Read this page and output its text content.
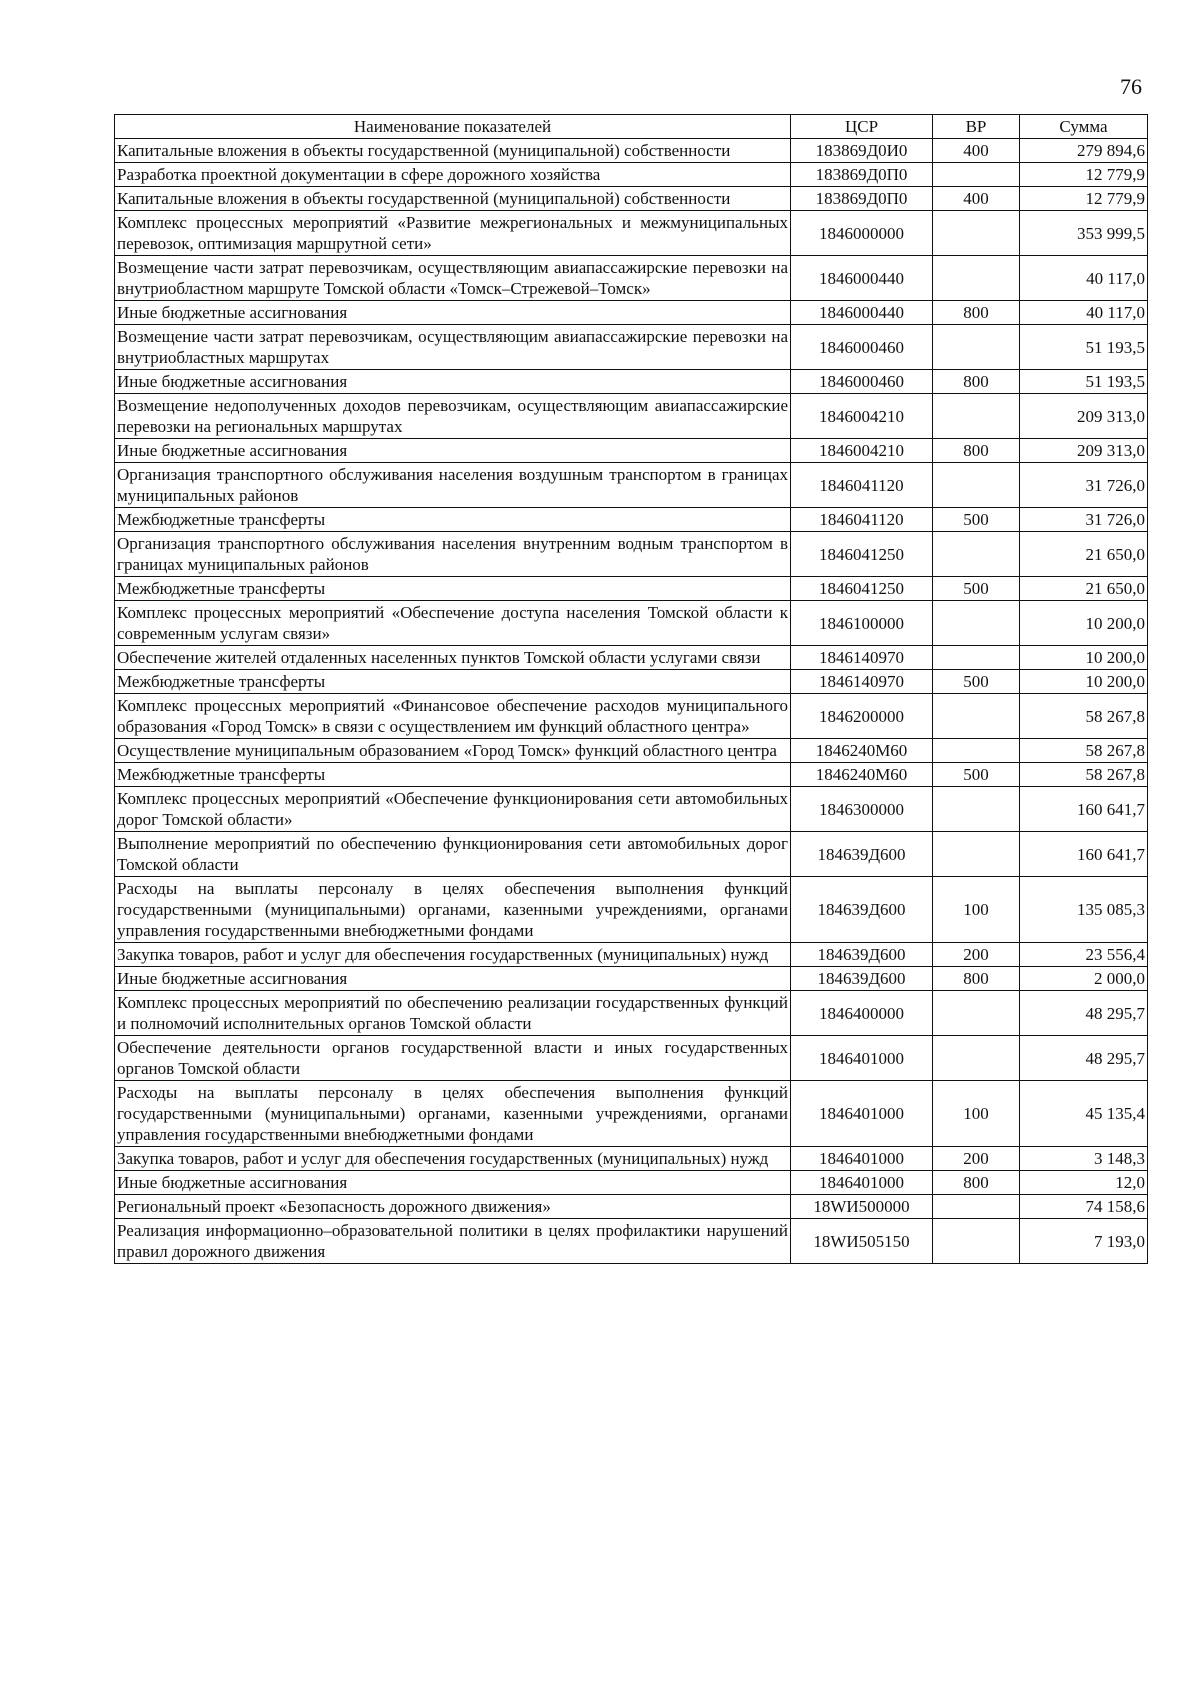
76
Наименование показателей	ЦСР	ВР	Сумма
Капитальные вложения в объекты государственной (муниципальной) собственности	183869Д0И0	400	279 894,6
Разработка проектной документации в сфере дорожного хозяйства	183869Д0П0		12 779,9
Капитальные вложения в объекты государственной (муниципальной) собственности	183869Д0П0	400	12 779,9
Комплекс процессных мероприятий «Развитие межрегиональных и межмуниципальных перевозок, оптимизация маршрутной сети»	1846000000		353 999,5
Возмещение части затрат перевозчикам, осуществляющим авиапассажирские перевозки на внутриобластном маршруте Томской области «Томск–Стрежевой–Томск»	1846000440		40 117,0
Иные бюджетные ассигнования	1846000440	800	40 117,0
Возмещение части затрат перевозчикам, осуществляющим авиапассажирские перевозки на внутриобластных маршрутах	1846000460		51 193,5
Иные бюджетные ассигнования	1846000460	800	51 193,5
Возмещение недополученных доходов перевозчикам, осуществляющим авиапассажирские перевозки на региональных маршрутах	1846004210		209 313,0
Иные бюджетные ассигнования	1846004210	800	209 313,0
Организация транспортного обслуживания населения воздушным транспортом в границах муниципальных районов	1846041120		31 726,0
Межбюджетные трансферты	1846041120	500	31 726,0
Организация транспортного обслуживания населения внутренним водным транспортом в границах муниципальных районов	1846041250		21 650,0
Межбюджетные трансферты	1846041250	500	21 650,0
Комплекс процессных мероприятий «Обеспечение доступа населения Томской области к современным услугам связи»	1846100000		10 200,0
Обеспечение жителей отдаленных населенных пунктов Томской области услугами связи	1846140970		10 200,0
Межбюджетные трансферты	1846140970	500	10 200,0
Комплекс процессных мероприятий «Финансовое обеспечение расходов муниципального образования «Город Томск» в связи с осуществлением им функций областного центра»	1846200000		58 267,8
Осуществление муниципальным образованием «Город Томск» функций областного центра	1846240М60		58 267,8
Межбюджетные трансферты	1846240М60	500	58 267,8
Комплекс процессных мероприятий «Обеспечение функционирования сети автомобильных дорог Томской области»	1846300000		160 641,7
Выполнение мероприятий по обеспечению функционирования сети автомобильных дорог Томской области	184639Д600		160 641,7
Расходы на выплаты персоналу в целях обеспечения выполнения функций государственными (муниципальными) органами, казенными учреждениями, органами управления государственными внебюджетными фондами	184639Д600	100	135 085,3
Закупка товаров, работ и услуг для обеспечения государственных (муниципальных) нужд	184639Д600	200	23 556,4
Иные бюджетные ассигнования	184639Д600	800	2 000,0
Комплекс процессных мероприятий по обеспечению реализации государственных функций и полномочий исполнительных органов Томской области	1846400000		48 295,7
Обеспечение деятельности органов государственной власти и иных государственных органов Томской области	1846401000		48 295,7
Расходы на выплаты персоналу в целях обеспечения выполнения функций государственными (муниципальными) органами, казенными учреждениями, органами управления государственными внебюджетными фондами	1846401000	100	45 135,4
Закупка товаров, работ и услуг для обеспечения государственных (муниципальных) нужд	1846401000	200	3 148,3
Иные бюджетные ассигнования	1846401000	800	12,0
Региональный проект «Безопасность дорожного движения»	18WИ500000		74 158,6
Реализация информационно–образовательной политики в целях профилактики нарушений правил дорожного движения	18WИ505150		7 193,0
